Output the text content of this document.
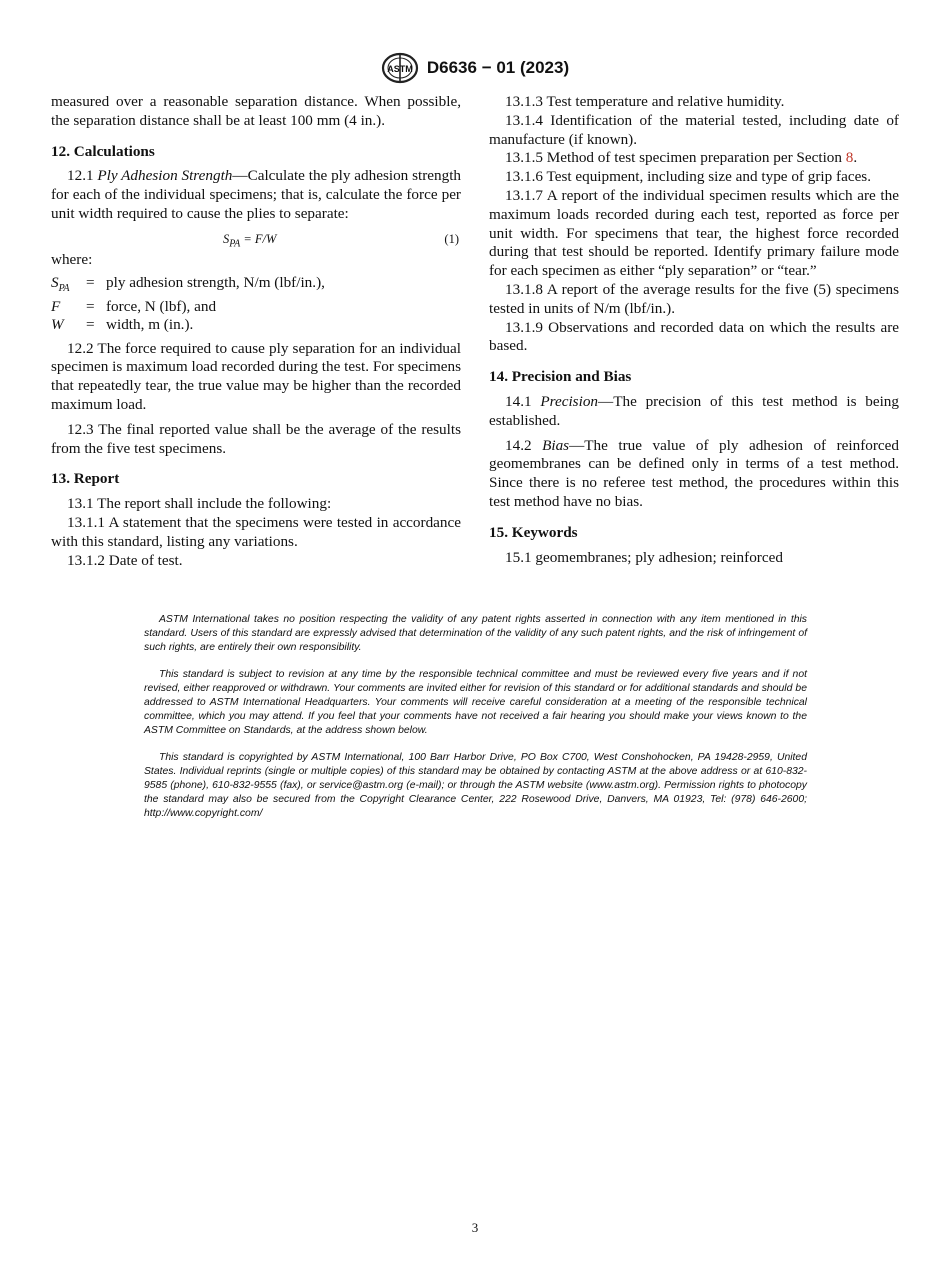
ASTM D6636 − 01 (2023)

measured over a reasonable separation distance. When possible, the separation distance shall be at least 100 mm (4 in.).

12. Calculations

12.1 Ply Adhesion Strength—Calculate the ply adhesion strength for each of the individual specimens; that is, calculate the force per unit width required to cause the plies to separate:

$S_{PA} = F/W$	(1)

where:

$S_{PA}$	=	ply adhesion strength, N/m (lbf/in.),
F	=	force, N (lbf), and
W	=	width, m (in.).

12.2 The force required to cause ply separation for an individual specimen is maximum load recorded during the test. For specimens that repeatedly tear, the true value may be higher than the recorded maximum load.

12.3 The final reported value shall be the average of the results from the five test specimens.

13. Report

13.1 The report shall include the following:

13.1.1 A statement that the specimens were tested in accordance with this standard, listing any variations.

13.1.2 Date of test.

13.1.3 Test temperature and relative humidity.

13.1.4 Identification of the material tested, including date of manufacture (if known).

13.1.5 Method of test specimen preparation per Section 8.

13.1.6 Test equipment, including size and type of grip faces.

13.1.7 A report of the individual specimen results which are the maximum loads recorded during each test, reported as force per unit width. For specimens that tear, the highest force recorded during that test should be reported. Identify primary failure mode for each specimen as either “ply separation” or “tear.”

13.1.8 A report of the average results for the five (5) specimens tested in units of N/m (lbf/in.).

13.1.9 Observations and recorded data on which the results are based.

14. Precision and Bias

14.1 Precision—The precision of this test method is being established.

14.2 Bias—The true value of ply adhesion of reinforced geomembranes can be defined only in terms of a test method. Since there is no referee test method, the procedures within this test method have no bias.

15. Keywords

15.1 geomembranes; ply adhesion; reinforced

ASTM International takes no position respecting the validity of any patent rights asserted in connection with any item mentioned in this standard. Users of this standard are expressly advised that determination of the validity of any such patent rights, and the risk of infringement of such rights, are entirely their own responsibility.

This standard is subject to revision at any time by the responsible technical committee and must be reviewed every five years and if not revised, either reapproved or withdrawn. Your comments are invited either for revision of this standard or for additional standards and should be addressed to ASTM International Headquarters. Your comments will receive careful consideration at a meeting of the responsible technical committee, which you may attend. If you feel that your comments have not received a fair hearing you should make your views known to the ASTM Committee on Standards, at the address shown below.

This standard is copyrighted by ASTM International, 100 Barr Harbor Drive, PO Box C700, West Conshohocken, PA 19428-2959, United States. Individual reprints (single or multiple copies) of this standard may be obtained by contacting ASTM at the above address or at 610-832-9585 (phone), 610-832-9555 (fax), or service@astm.org (e-mail); or through the ASTM website (www.astm.org). Permission rights to photocopy the standard may also be secured from the Copyright Clearance Center, 222 Rosewood Drive, Danvers, MA 01923, Tel: (978) 646-2600; http://www.copyright.com/

3
